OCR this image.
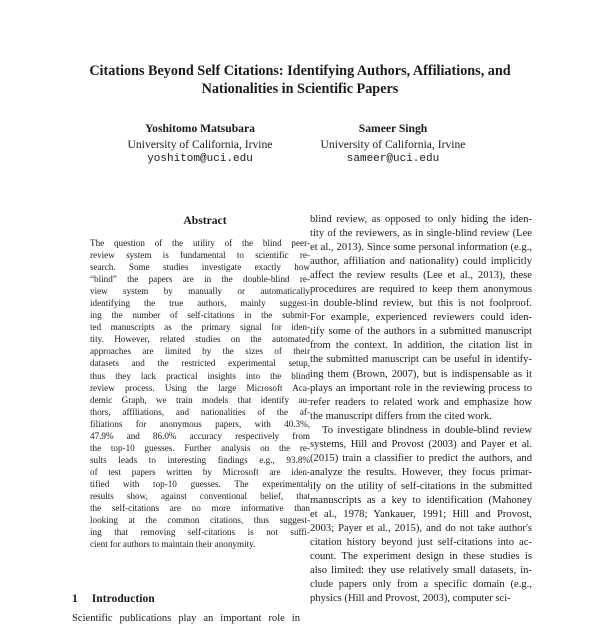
Citations Beyond Self Citations: Identifying Authors, Affiliations, and
Nationalities in Scientific Papers
Yoshitomo Matsubara
University of California, Irvine
yoshitom@uci.edu
Sameer Singh
University of California, Irvine
sameer@uci.edu
Abstract
The question of the utility of the blind peer-
review system is fundamental to scientific re-
search. Some studies investigate exactly how
“blind” the papers are in the double-blind re-
view system by manually or automatically
identifying the true authors, mainly suggest-
ing the number of self-citations in the submit-
ted manuscripts as the primary signal for iden-
tity. However, related studies on the automated
approaches are limited by the sizes of their
datasets and the restricted experimental setup,
thus they lack practical insights into the blind
review process. Using the large Microsoft Aca-
demic Graph, we train models that identify au-
thors, affiliations, and nationalities of the af-
filiations for anonymous papers, with 40.3%,
47.9% and 86.0% accuracy respectively from
the top-10 guesses. Further analysis on the re-
sults leads to interesting findings e.g., 93.8%
of test papers written by Microsoft are iden-
tified with top-10 guesses. The experimental
results show, against conventional belief, that
the self-citations are no more informative than
looking at the common citations, thus suggest-
ing that removing self-citations is not suffi-
cient for authors to maintain their anonymity.
1 Introduction
Scientific publications play an important role in
blind review, as opposed to only hiding the iden-
tity of the reviewers, as in single-blind review (Lee
et al., 2013). Since some personal information (e.g.,
author, affiliation and nationality) could implicitly
affect the review results (Lee et al., 2013), these
procedures are required to keep them anonymous
in double-blind review, but this is not foolproof.
For example, experienced reviewers could iden-
tify some of the authors in a submitted manuscript
from the context. In addition, the citation list in
the submitted manuscript can be useful in identify-
ing them (Brown, 2007), but is indispensable as it
plays an important role in the reviewing process to
refer readers to related work and emphasize how
the manuscript differs from the cited work.
To investigate blindness in double-blind review
systems, Hill and Provost (2003) and Payer et al.
(2015) train a classifier to predict the authors, and
analyze the results. However, they focus primar-
ily on the utility of self-citations in the submitted
manuscripts as a key to identification (Mahoney
et al., 1978; Yankauer, 1991; Hill and Provost,
2003; Payer et al., 2015), and do not take author's
citation history beyond just self-citations into ac-
count. The experiment design in these studies is
also limited: they use relatively small datasets, in-
clude papers only from a specific domain (e.g.,
physics (Hill and Provost, 2003), computer sci-
